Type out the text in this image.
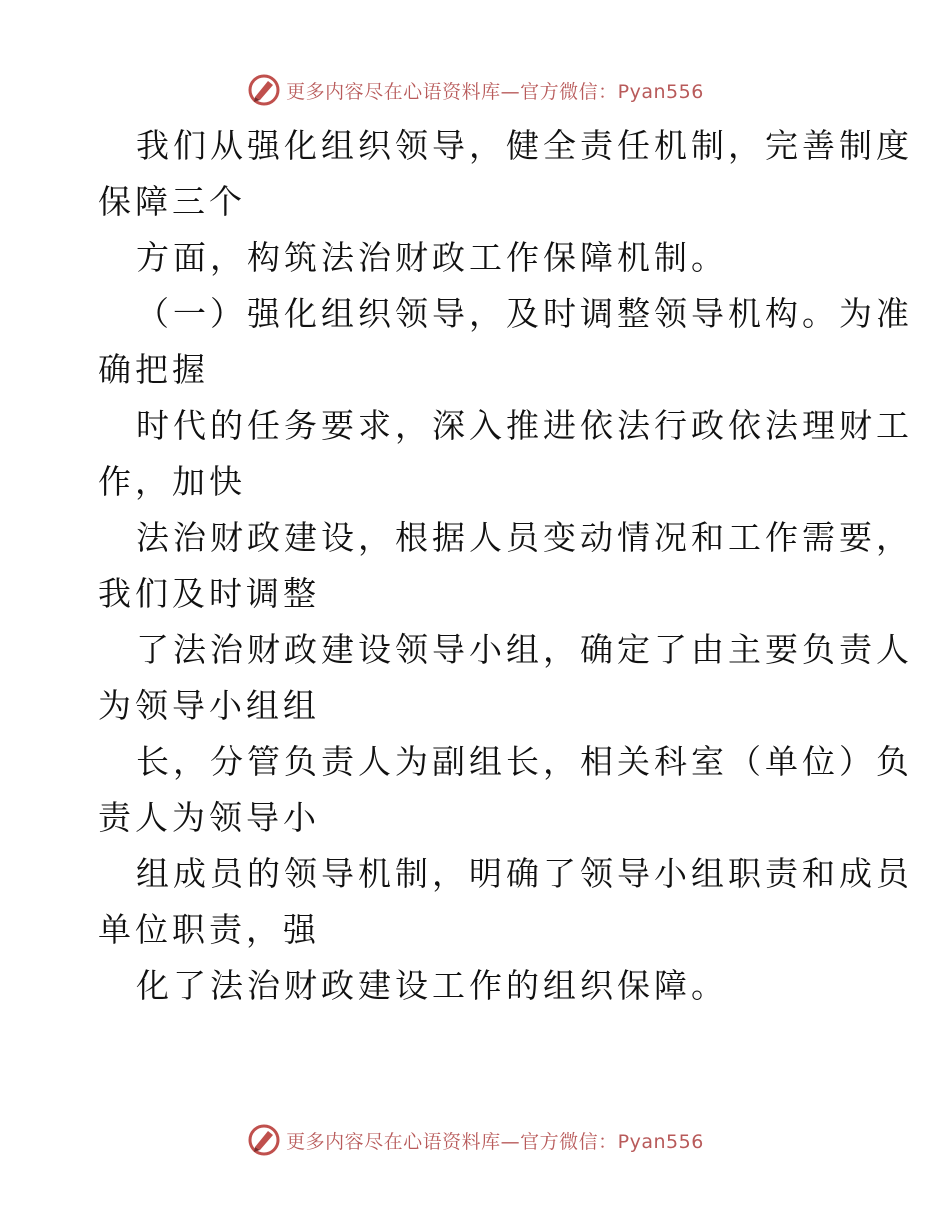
更多内容尽在心语资料库—官方微信：Pyan556
我们从强化组织领导，健全责任机制，完善制度
保障三个
方面，构筑法治财政工作保障机制。
（一）强化组织领导，及时调整领导机构。为准
确把握
时代的任务要求，深入推进依法行政依法理财工
作，加快
法治财政建设，根据人员变动情况和工作需要，
我们及时调整
了法治财政建设领导小组，确定了由主要负责人
为领导小组组
长，分管负责人为副组长，相关科室（单位）负
责人为领导小
组成员的领导机制，明确了领导小组职责和成员
单位职责，强
化了法治财政建设工作的组织保障。
更多内容尽在心语资料库—官方微信：Pyan556
